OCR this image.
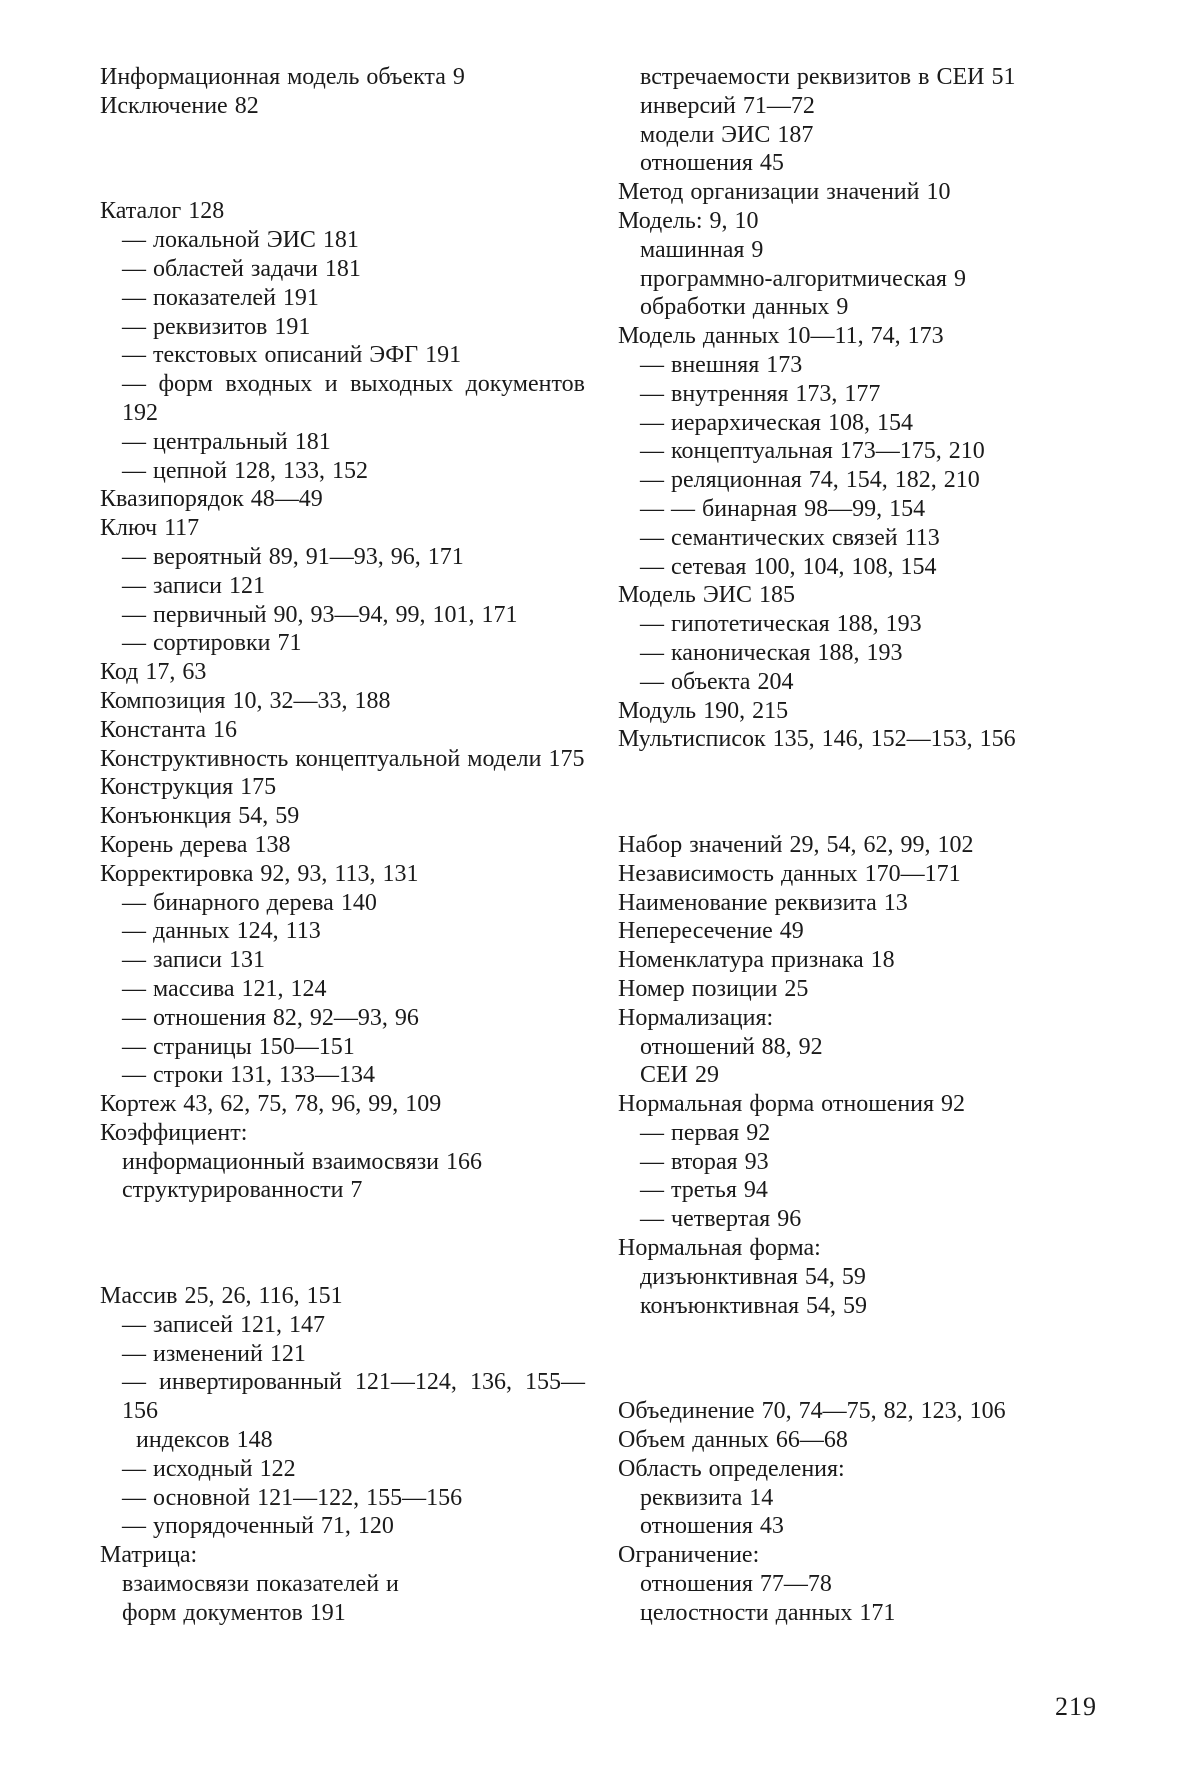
Информационная модель объекта 9

Исключение 82

Каталог 128

— локальной ЭИС 181

— областей задачи 181

— показателей 191

— реквизитов 191

— текстовых описаний ЭФГ 191

— форм входных и выходных документов 192

— центральный 181

— цепной 128, 133, 152

Квазипорядок 48—49

Ключ 117

— вероятный 89, 91—93, 96, 171

— записи 121

— первичный 90, 93—94, 99, 101, 171

— сортировки 71

Код 17, 63

Композиция 10, 32—33, 188

Константа 16

Конструктивность концептуальной модели 175

Конструкция 175

Конъюнкция 54, 59

Корень дерева 138

Корректировка 92, 93, 113, 131

— бинарного дерева 140

— данных 124, 113

— записи 131

— массива 121, 124

— отношения 82, 92—93, 96

— страницы 150—151

— строки 131, 133—134

Кортеж 43, 62, 75, 78, 96, 99, 109

Коэффициент:

информационный взаимосвязи 166

структурированности 7

Массив 25, 26, 116, 151

— записей 121, 147

— изменений 121

— инвертированный 121—124, 136, 155—156

индексов 148

— исходный 122

— основной 121—122, 155—156

— упорядоченный 71, 120

Матрица:

взаимосвязи показателей и

форм документов 191

встречаемости реквизитов в СЕИ 51

инверсий 71—72

модели ЭИС 187

отношения 45

Метод организации значений 10

Модель: 9, 10

машинная 9

программно-алгоритмическая 9

обработки данных 9

Модель данных 10—11, 74, 173

— внешняя 173

— внутренняя 173, 177

— иерархическая 108, 154

— концептуальная 173—175, 210

— реляционная 74, 154, 182, 210

— — бинарная 98—99, 154

— семантических связей 113

— сетевая 100, 104, 108, 154

Модель ЭИС 185

— гипотетическая 188, 193

— каноническая 188, 193

— объекта 204

Модуль 190, 215

Мультисписок 135, 146, 152—153, 156

Набор значений 29, 54, 62, 99, 102

Независимость данных 170—171

Наименование реквизита 13

Непересечение 49

Номенклатура признака 18

Номер позиции 25

Нормализация:

отношений 88, 92

СЕИ 29

Нормальная форма отношения 92

— первая 92

— вторая 93

— третья 94

— четвертая 96

Нормальная форма:

дизъюнктивная 54, 59

конъюнктивная 54, 59

Объединение 70, 74—75, 82, 123, 106

Объем данных 66—68

Область определения:

реквизита 14

отношения 43

Ограничение:

отношения 77—78

целостности данных 171

219
